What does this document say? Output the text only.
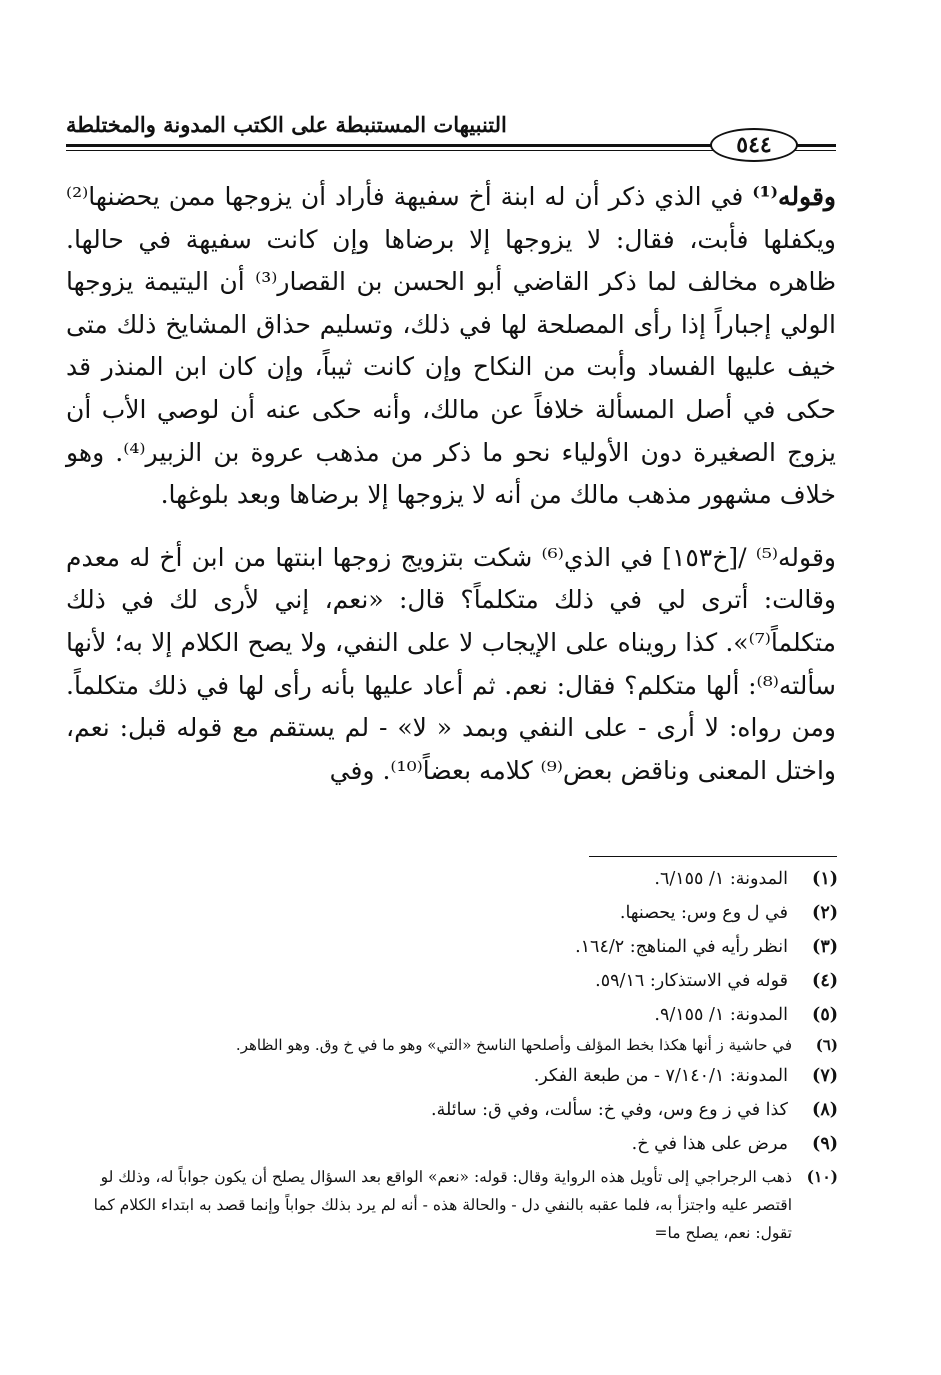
التنبيهات المستنبطة على الكتب المدونة والمختلطة
٥٤٤

وقوله⁽¹⁾ في الذي ذكر أن له ابنة أخ سفيهة فأراد أن يزوجها ممن يحضنها⁽²⁾ ويكفلها فأبت، فقال: لا يزوجها إلا برضاها وإن كانت سفيهة في حالها. ظاهره مخالف لما ذكر القاضي أبو الحسن بن القصار⁽³⁾ أن اليتيمة يزوجها الولي إجباراً إذا رأى المصلحة لها في ذلك، وتسليم حذاق المشايخ ذلك متى خيف عليها الفساد وأبت من النكاح وإن كانت ثيباً، وإن كان ابن المنذر قد حكى في أصل المسألة خلافاً عن مالك، وأنه حكى عنه أن لوصي الأب أن يزوج الصغيرة دون الأولياء نحو ما ذكر من مذهب عروة بن الزبير⁽⁴⁾. وهو خلاف مشهور مذهب مالك من أنه لا يزوجها إلا برضاها وبعد بلوغها.

وقوله⁽⁵⁾ /[خ١٥٣] في الذي⁽⁶⁾ شكت بتزويج زوجها ابنتها من ابن أخ له معدم وقالت: أترى لي في ذلك متكلماً؟ قال: «نعم، إني لأرى لك في ذلك متكلماً⁽⁷⁾». كذا رويناه على الإيجاب لا على النفي، ولا يصح الكلام إلا به؛ لأنها سألته⁽⁸⁾: ألها متكلم؟ فقال: نعم. ثم أعاد عليها بأنه رأى لها في ذلك متكلماً. ومن رواه: لا أرى - على النفي وبمد « لا» - لم يستقم مع قوله قبل: نعم، واختل المعنى وناقض بعض⁽⁹⁾ كلامه بعضاً⁽¹⁰⁾. وفي

(١)
المدونة: ١/ ٦/١٥٥.
(٢)
في ل وع وس: يحصنها.
(٣)
انظر رأيه في المناهج: ١٦٤/٢.
(٤)
قوله في الاستذكار: ٥٩/١٦.
(٥)
المدونة: ١/ ٩/١٥٥.
(٦)
في حاشية ز أنها هكذا بخط المؤلف وأصلحها الناسخ «التي» وهو ما في خ وق. وهو الظاهر.
(٧)
المدونة: ٧/١٤٠/١ - من طبعة الفكر.
(٨)
كذا في ز وع وس، وفي خ: سألت، وفي ق: سائلة.
(٩)
مرض على هذا في خ.
(١٠)
ذهب الرجراجي إلى تأويل هذه الرواية وقال: قوله: «نعم» الواقع بعد السؤال يصلح أن يكون جواباً له، وذلك لو اقتصر عليه واجتزأ به، فلما عقبه بالنفي دل - والحالة هذه - أنه لم يرد بذلك جواباً وإنما قصد به ابتداء الكلام كما تقول: نعم، يصلح ما=
